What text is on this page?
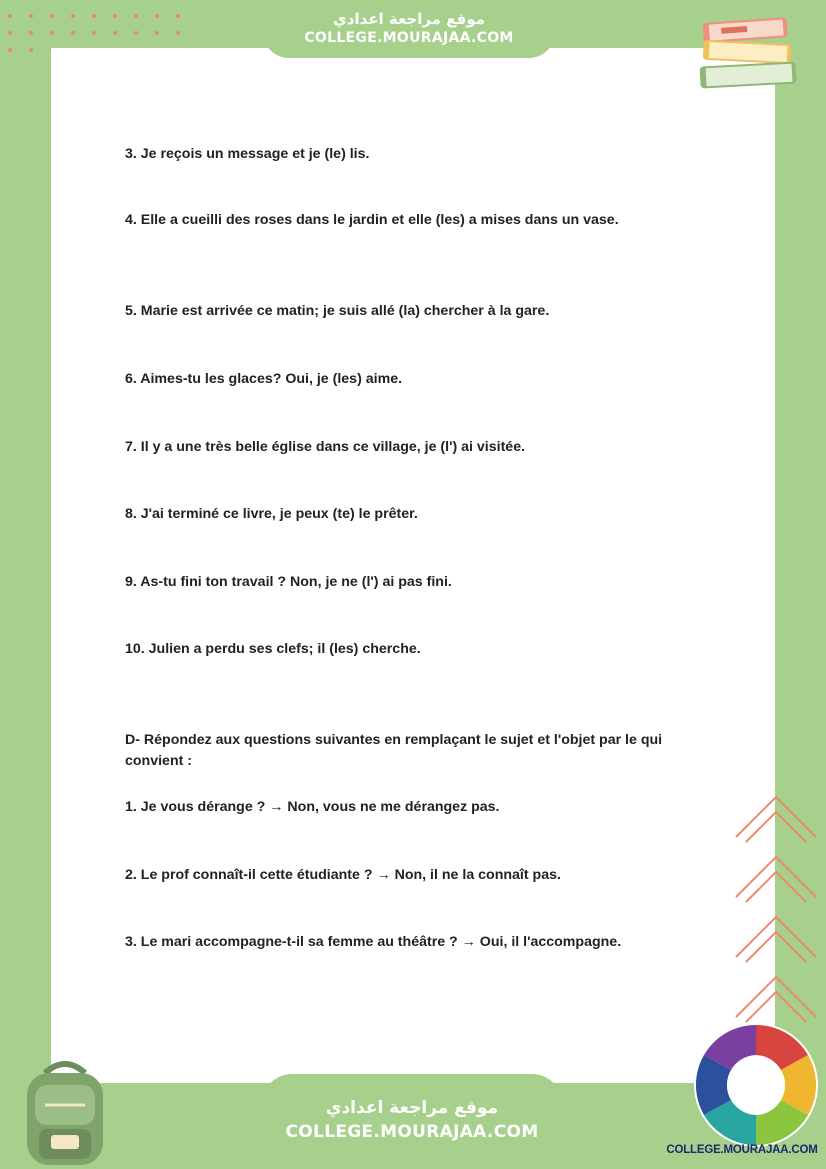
3. Je reçois un message et je (le) lis.
4. Elle a cueilli des roses dans le jardin et elle (les) a mises dans un vase.
5. Marie est arrivée ce matin; je suis allé (la) chercher à la gare.
6. Aimes-tu les glaces? Oui, je (les) aime.
7. Il y a une très belle église dans ce village, je (l') ai visitée.
8. J'ai terminé ce livre, je peux (te) le prêter.
9. As-tu fini ton travail ? Non, je ne (l') ai pas fini.
10. Julien a perdu ses clefs; il (les) cherche.
D- Répondez aux questions suivantes en remplaçant le sujet et l'objet par le qui convient :
1. Je vous dérange ? → Non, vous ne me dérangez pas.
2. Le prof connaît-il cette étudiante ? → Non, il ne la connaît pas.
3. Le mari accompagne-t-il sa femme au théâtre ? → Oui, il l'accompagne.
موقع مراجعة اعدادي
COLLEGE.MOURAJAA.COM
موقع مراجعة اعدادي
COLLEGE.MOURAJAA.COM
COLLEGE.MOURAJAA.COM
